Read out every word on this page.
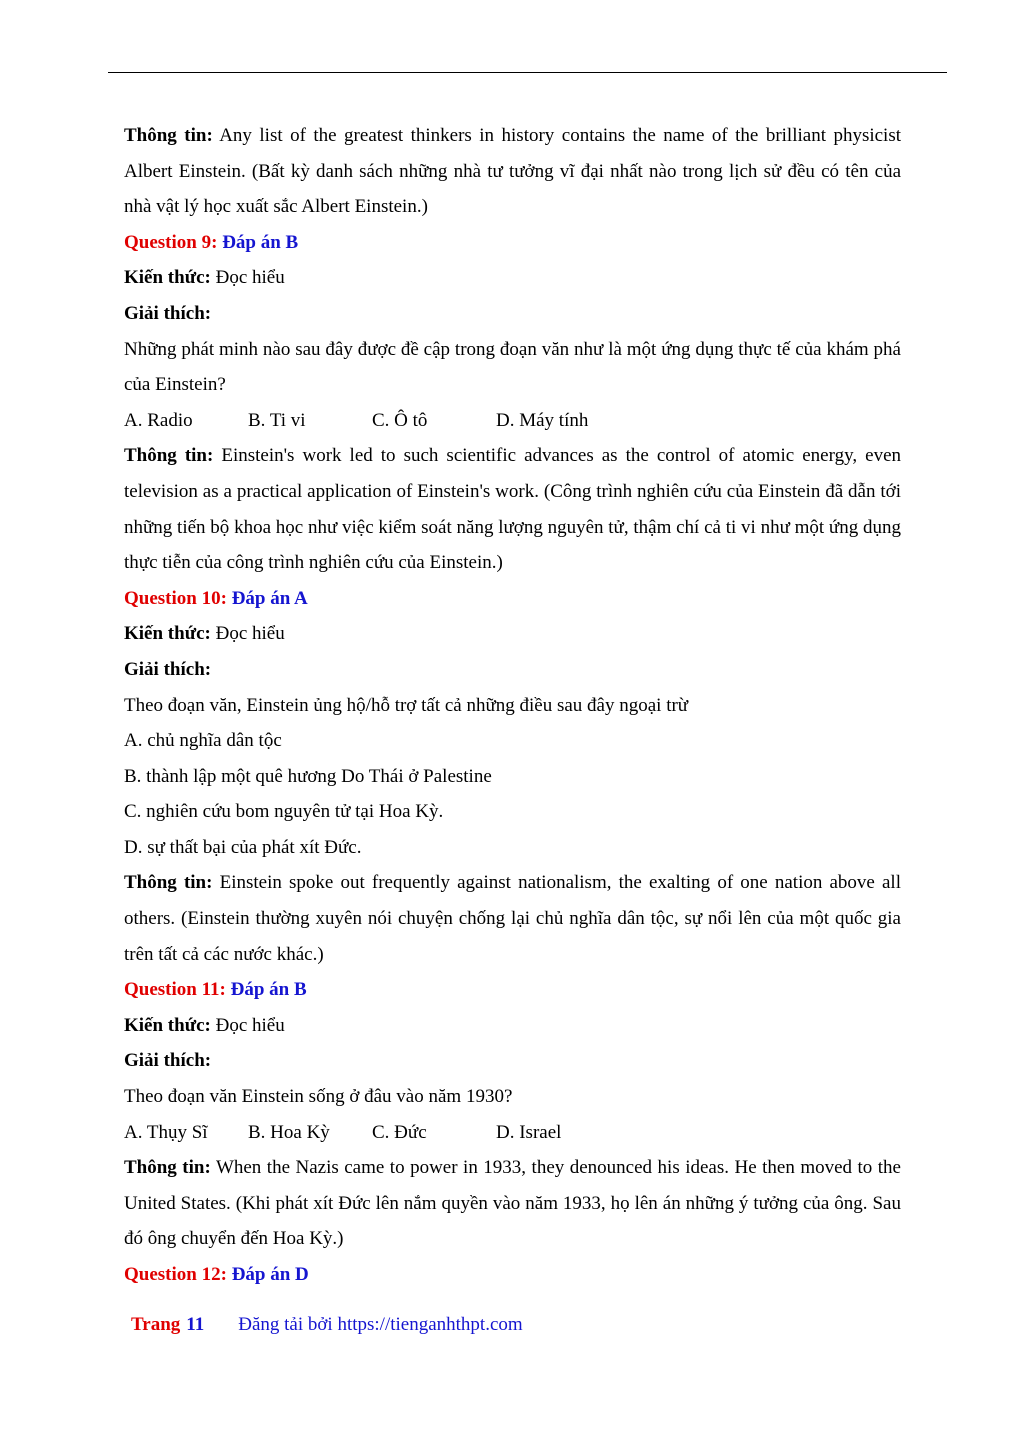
Thông tin: Any list of the greatest thinkers in history contains the name of the brilliant physicist Albert Einstein. (Bất kỳ danh sách những nhà tư tưởng vĩ đại nhất nào trong lịch sử đều có tên của nhà vật lý học xuất sắc Albert Einstein.)

Question 9: Đáp án B

Kiến thức: Đọc hiểu

Giải thích:

Những phát minh nào sau đây được đề cập trong đoạn văn như là một ứng dụng thực tế của khám phá của Einstein?

A. Radio	B. Ti vi	C. Ô tô	D. Máy tính

Thông tin: Einstein's work led to such scientific advances as the control of atomic energy, even television as a practical application of Einstein's work. (Công trình nghiên cứu của Einstein đã dẫn tới những tiến bộ khoa học như việc kiểm soát năng lượng nguyên tử, thậm chí cả ti vi như một ứng dụng thực tiễn của công trình nghiên cứu của Einstein.)

Question 10: Đáp án A

Kiến thức: Đọc hiểu

Giải thích:

Theo đoạn văn, Einstein ủng hộ/hỗ trợ tất cả những điều sau đây ngoại trừ

A. chủ nghĩa dân tộc

B. thành lập một quê hương Do Thái ở Palestine

C. nghiên cứu bom nguyên tử tại Hoa Kỳ.

D. sự thất bại của phát xít Đức.

Thông tin: Einstein spoke out frequently against nationalism, the exalting of one nation above all others. (Einstein thường xuyên nói chuyện chống lại chủ nghĩa dân tộc, sự nổi lên của một quốc gia trên tất cả các nước khác.)

Question 11: Đáp án B

Kiến thức: Đọc hiểu

Giải thích:

Theo đoạn văn Einstein sống ở đâu vào năm 1930?

A. Thụy Sĩ	B. Hoa Kỳ	C. Đức	D. Israel

Thông tin: When the Nazis came to power in 1933, they denounced his ideas. He then moved to the United States. (Khi phát xít Đức lên nắm quyền vào năm 1933, họ lên án những ý tưởng của ông. Sau đó ông chuyển đến Hoa Kỳ.)

Question 12: Đáp án D

Trang 11 Đăng tải bởi https://tienganhthpt.com
